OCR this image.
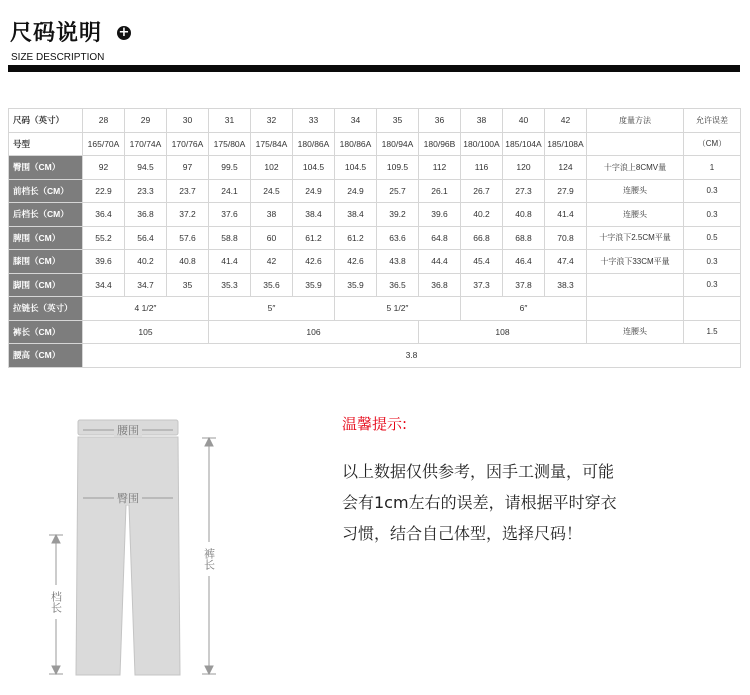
尺码说明 +
SIZE DESCRIPTION
尺码（英寸）	28	29	30	31	32	33	34	35	36	38	40	42	度量方法	允许误差
号型	165/70A	170/74A	170/76A	175/80A	175/84A	180/86A	180/86A	180/94A	180/96B	180/100A	185/104A	185/108A		（CM）
臀围（CM）	92	94.5	97	99.5	102	104.5	104.5	109.5	112	116	120	124	十字浪上8CMV量	1
前档长（CM）	22.9	23.3	23.7	24.1	24.5	24.9	24.9	25.7	26.1	26.7	27.3	27.9	连腰头	0.3
后档长（CM）	36.4	36.8	37.2	37.6	38	38.4	38.4	39.2	39.6	40.2	40.8	41.4	连腰头	0.3
脾围（CM）	55.2	56.4	57.6	58.8	60	61.2	61.2	63.6	64.8	66.8	68.8	70.8	十字浪下2.5CM平量	0.5
膝围（CM）	39.6	40.2	40.8	41.4	42	42.6	42.6	43.8	44.4	45.4	46.4	47.4	十字浪下33CM平量	0.3
脚围（CM）	34.4	34.7	35	35.3	35.6	35.9	35.9	36.5	36.8	37.3	37.8	38.3		0.3
拉链长（英寸）	4 1/2″			5″			5 1/2″			6″				
裤长（CM）	105			106					108				连腰头	1.5
腰高（CM）	3.8													
腰围
臀围
裤长
档长
温馨提示:
以上数据仅供参考，因手工测量，可能
会有1cm左右的误差，请根据平时穿衣
习惯，结合自己体型，选择尺码！
